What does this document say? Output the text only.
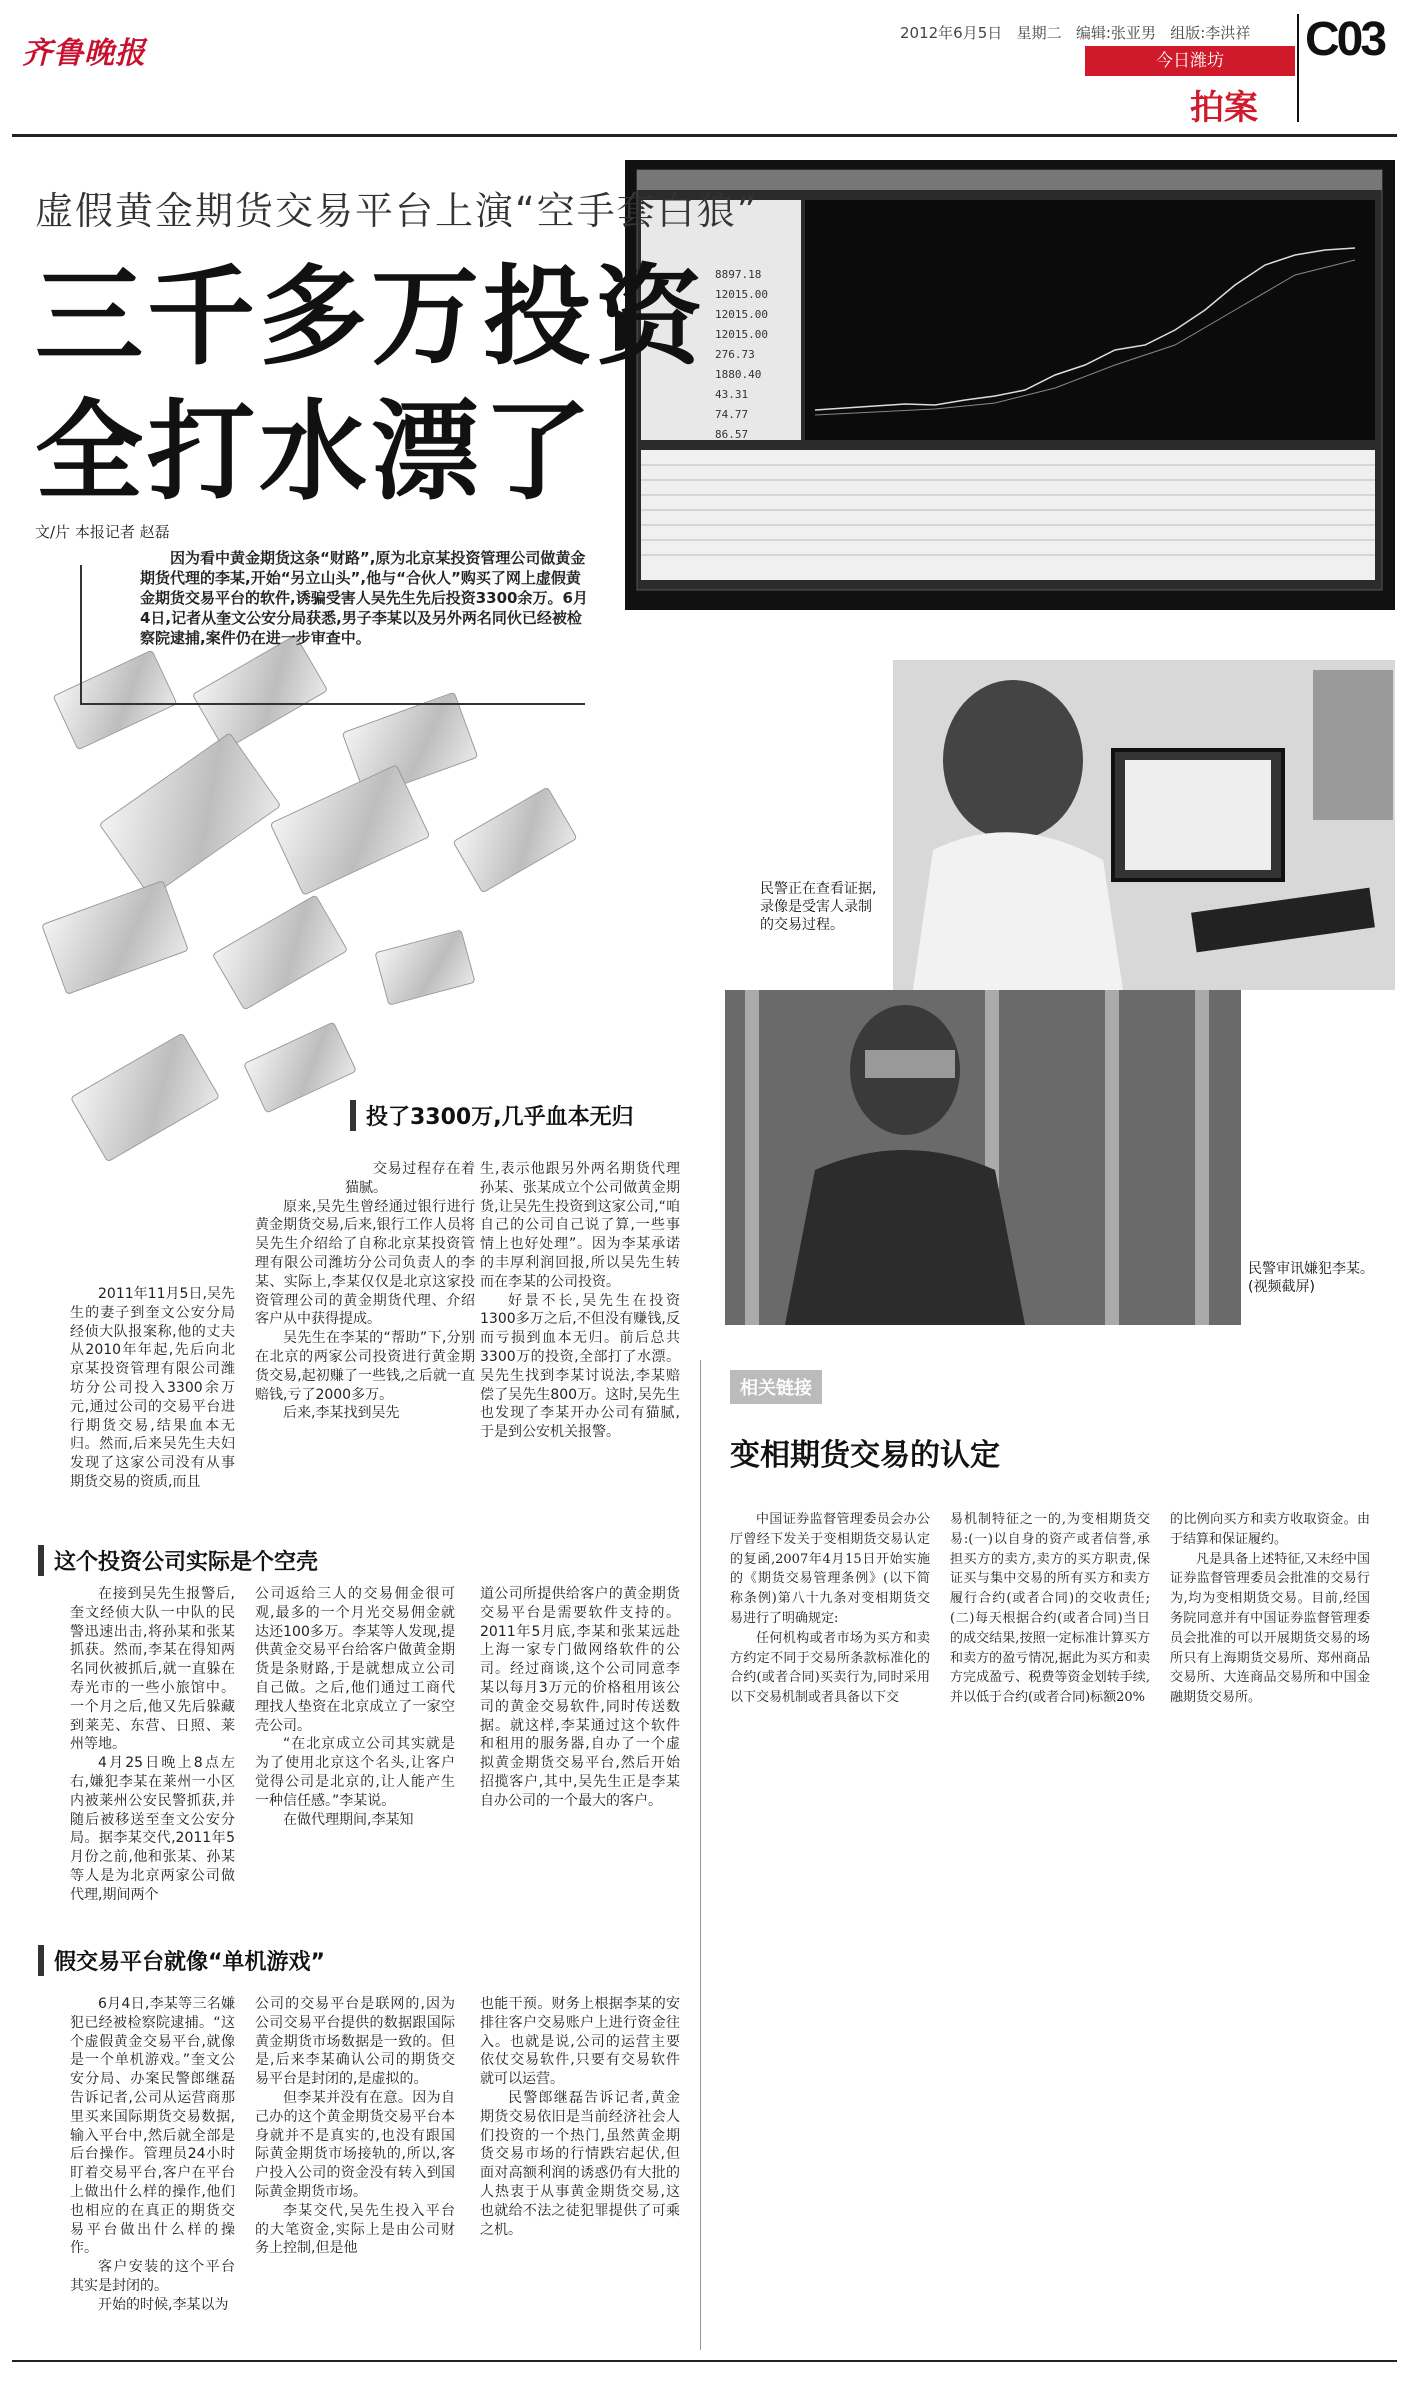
齐鲁晚报
2012年6月5日 星期二 编辑:张亚男 组版:李洪祥 C03
今日潍坊
拍案
8897.18
12015.00
12015.00
12015.00
276.73
1880.40
43.31
74.77
86.57
虚假黄金期货交易平台上演“空手套白狼”
三千多万投资
全打水漂了
文/片 本报记者 赵磊
因为看中黄金期货这条“财路”,原为北京某投资管理公司做黄金期货代理的李某,开始“另立山头”,他与“合伙人”购买了网上虚假黄金期货交易平台的软件,诱骗受害人吴先生先后投资3300余万。6月4日,记者从奎文公安分局获悉,男子李某以及另外两名同伙已经被检察院逮捕,案件仍在进一步审查中。
民警正在查看证据,录像是受害人录制的交易过程。
民警审讯嫌犯李某。(视频截屏)
投了3300万,几乎血本无归

2011年11月5日,吴先生的妻子到奎文公安分局经侦大队报案称,他的丈夫从2010年年起,先后向北京某投资管理有限公司潍坊分公司投入3300余万元,通过公司的交易平台进行期货交易,结果血本无归。然而,后来吴先生夫妇发现了这家公司没有从事期货交易的资质,而且

交易过程存在着猫腻。

原来,吴先生曾经通过银行进行黄金期货交易,后来,银行工作人员将吴先生介绍给了自称北京某投资管理有限公司潍坊分公司负责人的李某、实际上,李某仅仅是北京这家投资管理公司的黄金期货代理、介绍客户从中获得提成。

吴先生在李某的“帮助”下,分别在北京的两家公司投资进行黄金期货交易,起初赚了一些钱,之后就一直赔钱,亏了2000多万。

后来,李某找到吴先

生,表示他跟另外两名期货代理孙某、张某成立个公司做黄金期货,让吴先生投资到这家公司,“咱自己的公司自己说了算,一些事情上也好处理”。因为李某承诺的丰厚利润回报,所以吴先生转而在李某的公司投资。

好景不长,吴先生在投资1300多万之后,不但没有赚钱,反而亏损到血本无归。前后总共3300万的投资,全部打了水漂。吴先生找到李某讨说法,李某赔偿了吴先生800万。这时,吴先生也发现了李某开办公司有猫腻,于是到公安机关报警。

这个投资公司实际是个空壳

在接到吴先生报警后,奎文经侦大队一中队的民警迅速出击,将孙某和张某抓获。然而,李某在得知两名同伙被抓后,就一直躲在寿光市的一些小旅馆中。一个月之后,他又先后躲藏到莱芜、东营、日照、莱州等地。

4月25日晚上8点左右,嫌犯李某在莱州一小区内被莱州公安民警抓获,并随后被移送至奎文公安分局。据李某交代,2011年5月份之前,他和张某、孙某等人是为北京两家公司做代理,期间两个

公司返给三人的交易佣金很可观,最多的一个月光交易佣金就达还100多万。李某等人发现,提供黄金交易平台给客户做黄金期货是条财路,于是就想成立公司自己做。之后,他们通过工商代理找人垫资在北京成立了一家空壳公司。

“在北京成立公司其实就是为了使用北京这个名头,让客户觉得公司是北京的,让人能产生一种信任感。”李某说。

在做代理期间,李某知

道公司所提供给客户的黄金期货交易平台是需要软件支持的。2011年5月底,李某和张某远赴上海一家专门做网络软件的公司。经过商谈,这个公司同意李某以每月3万元的价格租用该公司的黄金交易软件,同时传送数据。就这样,李某通过这个软件和租用的服务器,自办了一个虚拟黄金期货交易平台,然后开始招揽客户,其中,吴先生正是李某自办公司的一个最大的客户。

假交易平台就像“单机游戏”

6月4日,李某等三名嫌犯已经被检察院逮捕。“这个虚假黄金交易平台,就像是一个单机游戏。”奎文公安分局、办案民警郎继磊告诉记者,公司从运营商那里买来国际期货交易数据,输入平台中,然后就全部是后台操作。管理员24小时盯着交易平台,客户在平台上做出什么样的操作,他们也相应的在真正的期货交易平台做出什么样的操作。

客户安装的这个平台其实是封闭的。

开始的时候,李某以为

公司的交易平台是联网的,因为公司交易平台提供的数据跟国际黄金期货市场数据是一致的。但是,后来李某确认公司的期货交易平台是封闭的,是虚拟的。

但李某并没有在意。因为自己办的这个黄金期货交易平台本身就并不是真实的,也没有跟国际黄金期货市场接轨的,所以,客户投入公司的资金没有转入到国际黄金期货市场。

李某交代,吴先生投入平台的大笔资金,实际上是由公司财务上控制,但是他

也能干预。财务上根据李某的安排往客户交易账户上进行资金往入。也就是说,公司的运营主要依仗交易软件,只要有交易软件就可以运营。

民警郎继磊告诉记者,黄金期货交易依旧是当前经济社会人们投资的一个热门,虽然黄金期货交易市场的行情跌宕起伏,但面对高额利润的诱惑仍有大批的人热衷于从事黄金期货交易,这也就给不法之徒犯罪提供了可乘之机。

相关链接
变相期货交易的认定

中国证券监督管理委员会办公厅曾经下发关于变相期货交易认定的复函,2007年4月15日开始实施的《期货交易管理条例》(以下简称条例)第八十九条对变相期货交易进行了明确规定:

任何机构或者市场为买方和卖方约定不同于交易所条款标准化的合约(或者合同)买卖行为,同时采用以下交易机制或者具备以下交

易机制特征之一的,为变相期货交易:(一)以自身的资产或者信誉,承担买方的卖方,卖方的买方职责,保证买与集中交易的所有买方和卖方履行合约(或者合同)的交收责任;(二)每天根据合约(或者合同)当日的成交结果,按照一定标准计算买方和卖方的盈亏情况,据此为买方和卖方完成盈亏、税费等资金划转手续,并以低于合约(或者合同)标额20%

的比例向买方和卖方收取资金。由于结算和保证履约。

凡是具备上述特征,又未经中国证券监督管理委员会批准的交易行为,均为变相期货交易。目前,经国务院同意并有中国证券监督管理委员会批准的可以开展期货交易的场所只有上海期货交易所、郑州商品交易所、大连商品交易所和中国金融期货交易所。
